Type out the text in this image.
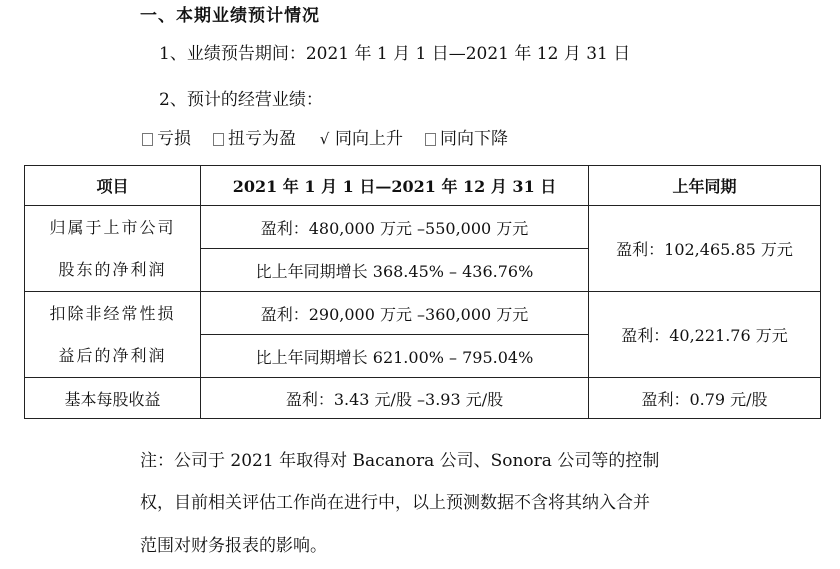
一、本期业绩预计情况
1、业绩预告期间：2021 年 1 月 1 日—2021 年 12 月 31 日
2、预计的经营业绩：
亏损 扭亏为盈 √ 同向上升 同向下降
项目	2021 年 1 月 1 日—2021 年 12 月 31 日	上年同期

归属于上市公司
股东的净利润	盈利：480,000 万元 –550,000 万元	盈利：102,465.85 万元
	比上年同期增长 368.45% – 436.76%	

扣除非经常性损
益后的净利润	盈利：290,000 万元 –360,000 万元	盈利：40,221.76 万元
	比上年同期增长 621.00% – 795.04%	
基本每股收益	盈利：3.43 元/股 –3.93 元/股	盈利：0.79 元/股
注：公司于 2021 年取得对 Bacanora 公司、Sonora 公司等的控制
权，目前相关评估工作尚在进行中，以上预测数据不含将其纳入合并
范围对财务报表的影响。
